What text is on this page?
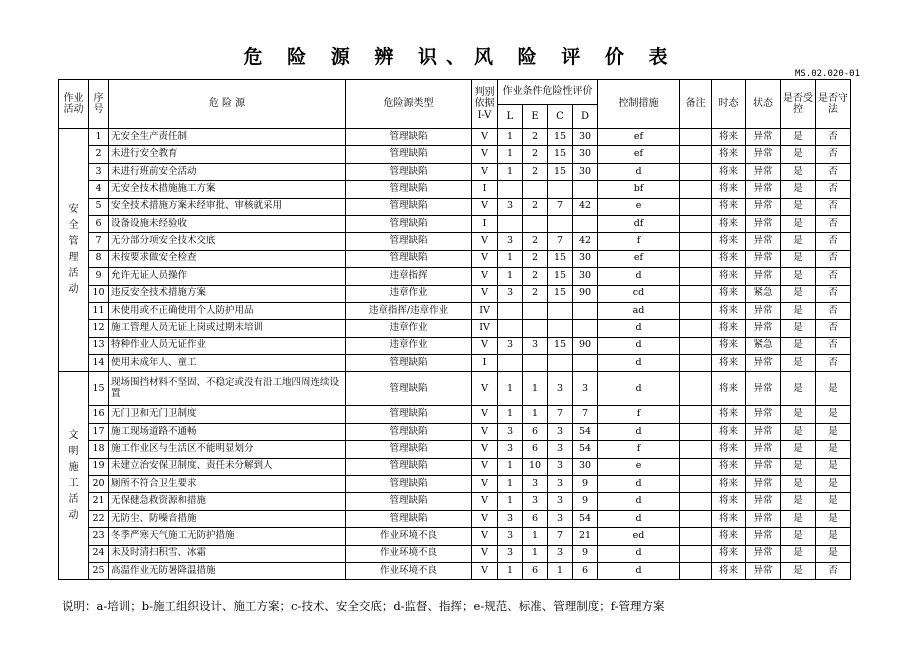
危 险 源 辨 识、风 险 评 价 表
MS.02.020-01
作业活动	序号	危 险 源	危险源类型	判别依据I-V	作业条件危险性评价				控制措施	备注	时态	状态	是否受控	是否守法
					L	E	C	D						
安全管理活动	1	无安全生产责任制	管理缺陷	V	1	2	15	30	ef		将来	异常	是	否
	2	未进行安全教育	管理缺陷	V	1	2	15	30	ef		将来	异常	是	否
	3	未进行班前安全活动	管理缺陷	V	1	2	15	30	d		将来	异常	是	否
	4	无安全技术措施施工方案	管理缺陷	I					bf		将来	异常	是	否
	5	安全技术措施方案未经审批、审核就采用	管理缺陷	V	3	2	7	42	e		将来	异常	是	否
	6	设备设施未经验收	管理缺陷	I					df		将来	异常	是	否
	7	无分部分项安全技术交底	管理缺陷	V	3	2	7	42	f		将来	异常	是	否
	8	未按要求做安全检查	管理缺陷	V	1	2	15	30	ef		将来	异常	是	否
	9	允许无证人员操作	违章指挥	V	1	2	15	30	d		将来	异常	是	否
	10	违反安全技术措施方案	违章作业	V	3	2	15	90	cd		将来	紧急	是	否
	11	未使用或不正确使用个人防护用品	违章指挥/违章作业	IV					ad		将来	异常	是	否
	12	施工管理人员无证上岗或过期未培训	违章作业	IV					d		将来	异常	是	否
	13	特种作业人员无证作业	违章作业	V	3	3	15	90	d		将来	紧急	是	否
	14	使用未成年人、童工	管理缺陷	I					d		将来	异常	是	否
文明施工活动	15	现场围挡材料不坚固、不稳定或没有沿工地四周连续设置	管理缺陷	V	1	1	3	3	d		将来	异常	是	是
	16	无门卫和无门卫制度	管理缺陷	V	1	1	7	7	f		将来	异常	是	是
	17	施工现场道路不通畅	管理缺陷	V	3	6	3	54	d		将来	异常	是	是
	18	施工作业区与生活区不能明显划分	管理缺陷	V	3	6	3	54	f		将来	异常	是	是
	19	未建立治安保卫制度、责任未分解到人	管理缺陷	V	1	10	3	30	e		将来	异常	是	是
	20	厕所不符合卫生要求	管理缺陷	V	1	3	3	9	d		将来	异常	是	是
	21	无保健急救资源和措施	管理缺陷	V	1	3	3	9	d		将来	异常	是	是
	22	无防尘、防噪音措施	管理缺陷	V	3	6	3	54	d		将来	异常	是	是
	23	冬季严寒天气施工无防护措施	作业环境不良	V	3	1	7	21	ed		将来	异常	是	是
	24	未及时清扫积雪、冰霜	作业环境不良	V	3	1	3	9	d		将来	异常	是	是
	25	高温作业无防暑降温措施	作业环境不良	V	1	6	1	6	d		将来	异常	是	否
说明：a-培训；b-施工组织设计、施工方案；c-技术、安全交底；d-监督、指挥；e-规范、标准、管理制度；f-管理方案
